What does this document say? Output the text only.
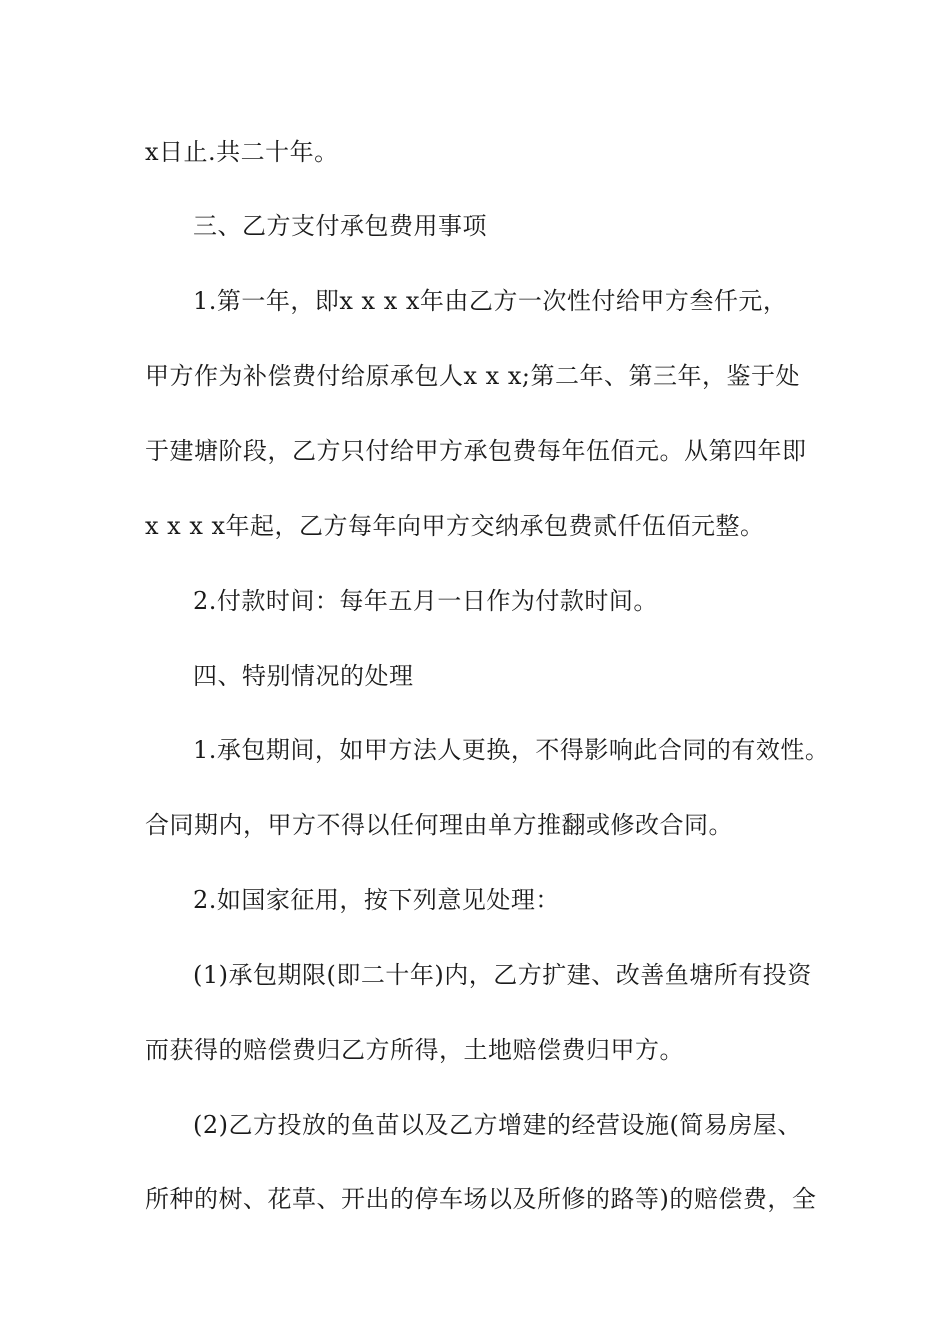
x日止.共二十年。
三、乙方支付承包费用事项
1.第一年，即x x x x年由乙方一次性付给甲方叁仟元，
甲方作为补偿费付给原承包人x x x;第二年、第三年，鉴于处
于建塘阶段，乙方只付给甲方承包费每年伍佰元。从第四年即
x x x x年起，乙方每年向甲方交纳承包费贰仟伍佰元整。
2.付款时间：每年五月一日作为付款时间。
四、特别情况的处理
1.承包期间，如甲方法人更换，不得影响此合同的有效性。
合同期内，甲方不得以任何理由单方推翻或修改合同。
2.如国家征用，按下列意见处理：
(1)承包期限(即二十年)内，乙方扩建、改善鱼塘所有投资
而获得的赔偿费归乙方所得，土地赔偿费归甲方。
(2)乙方投放的鱼苗以及乙方增建的经营设施(简易房屋、
所种的树、花草、开出的停车场以及所修的路等)的赔偿费，全
